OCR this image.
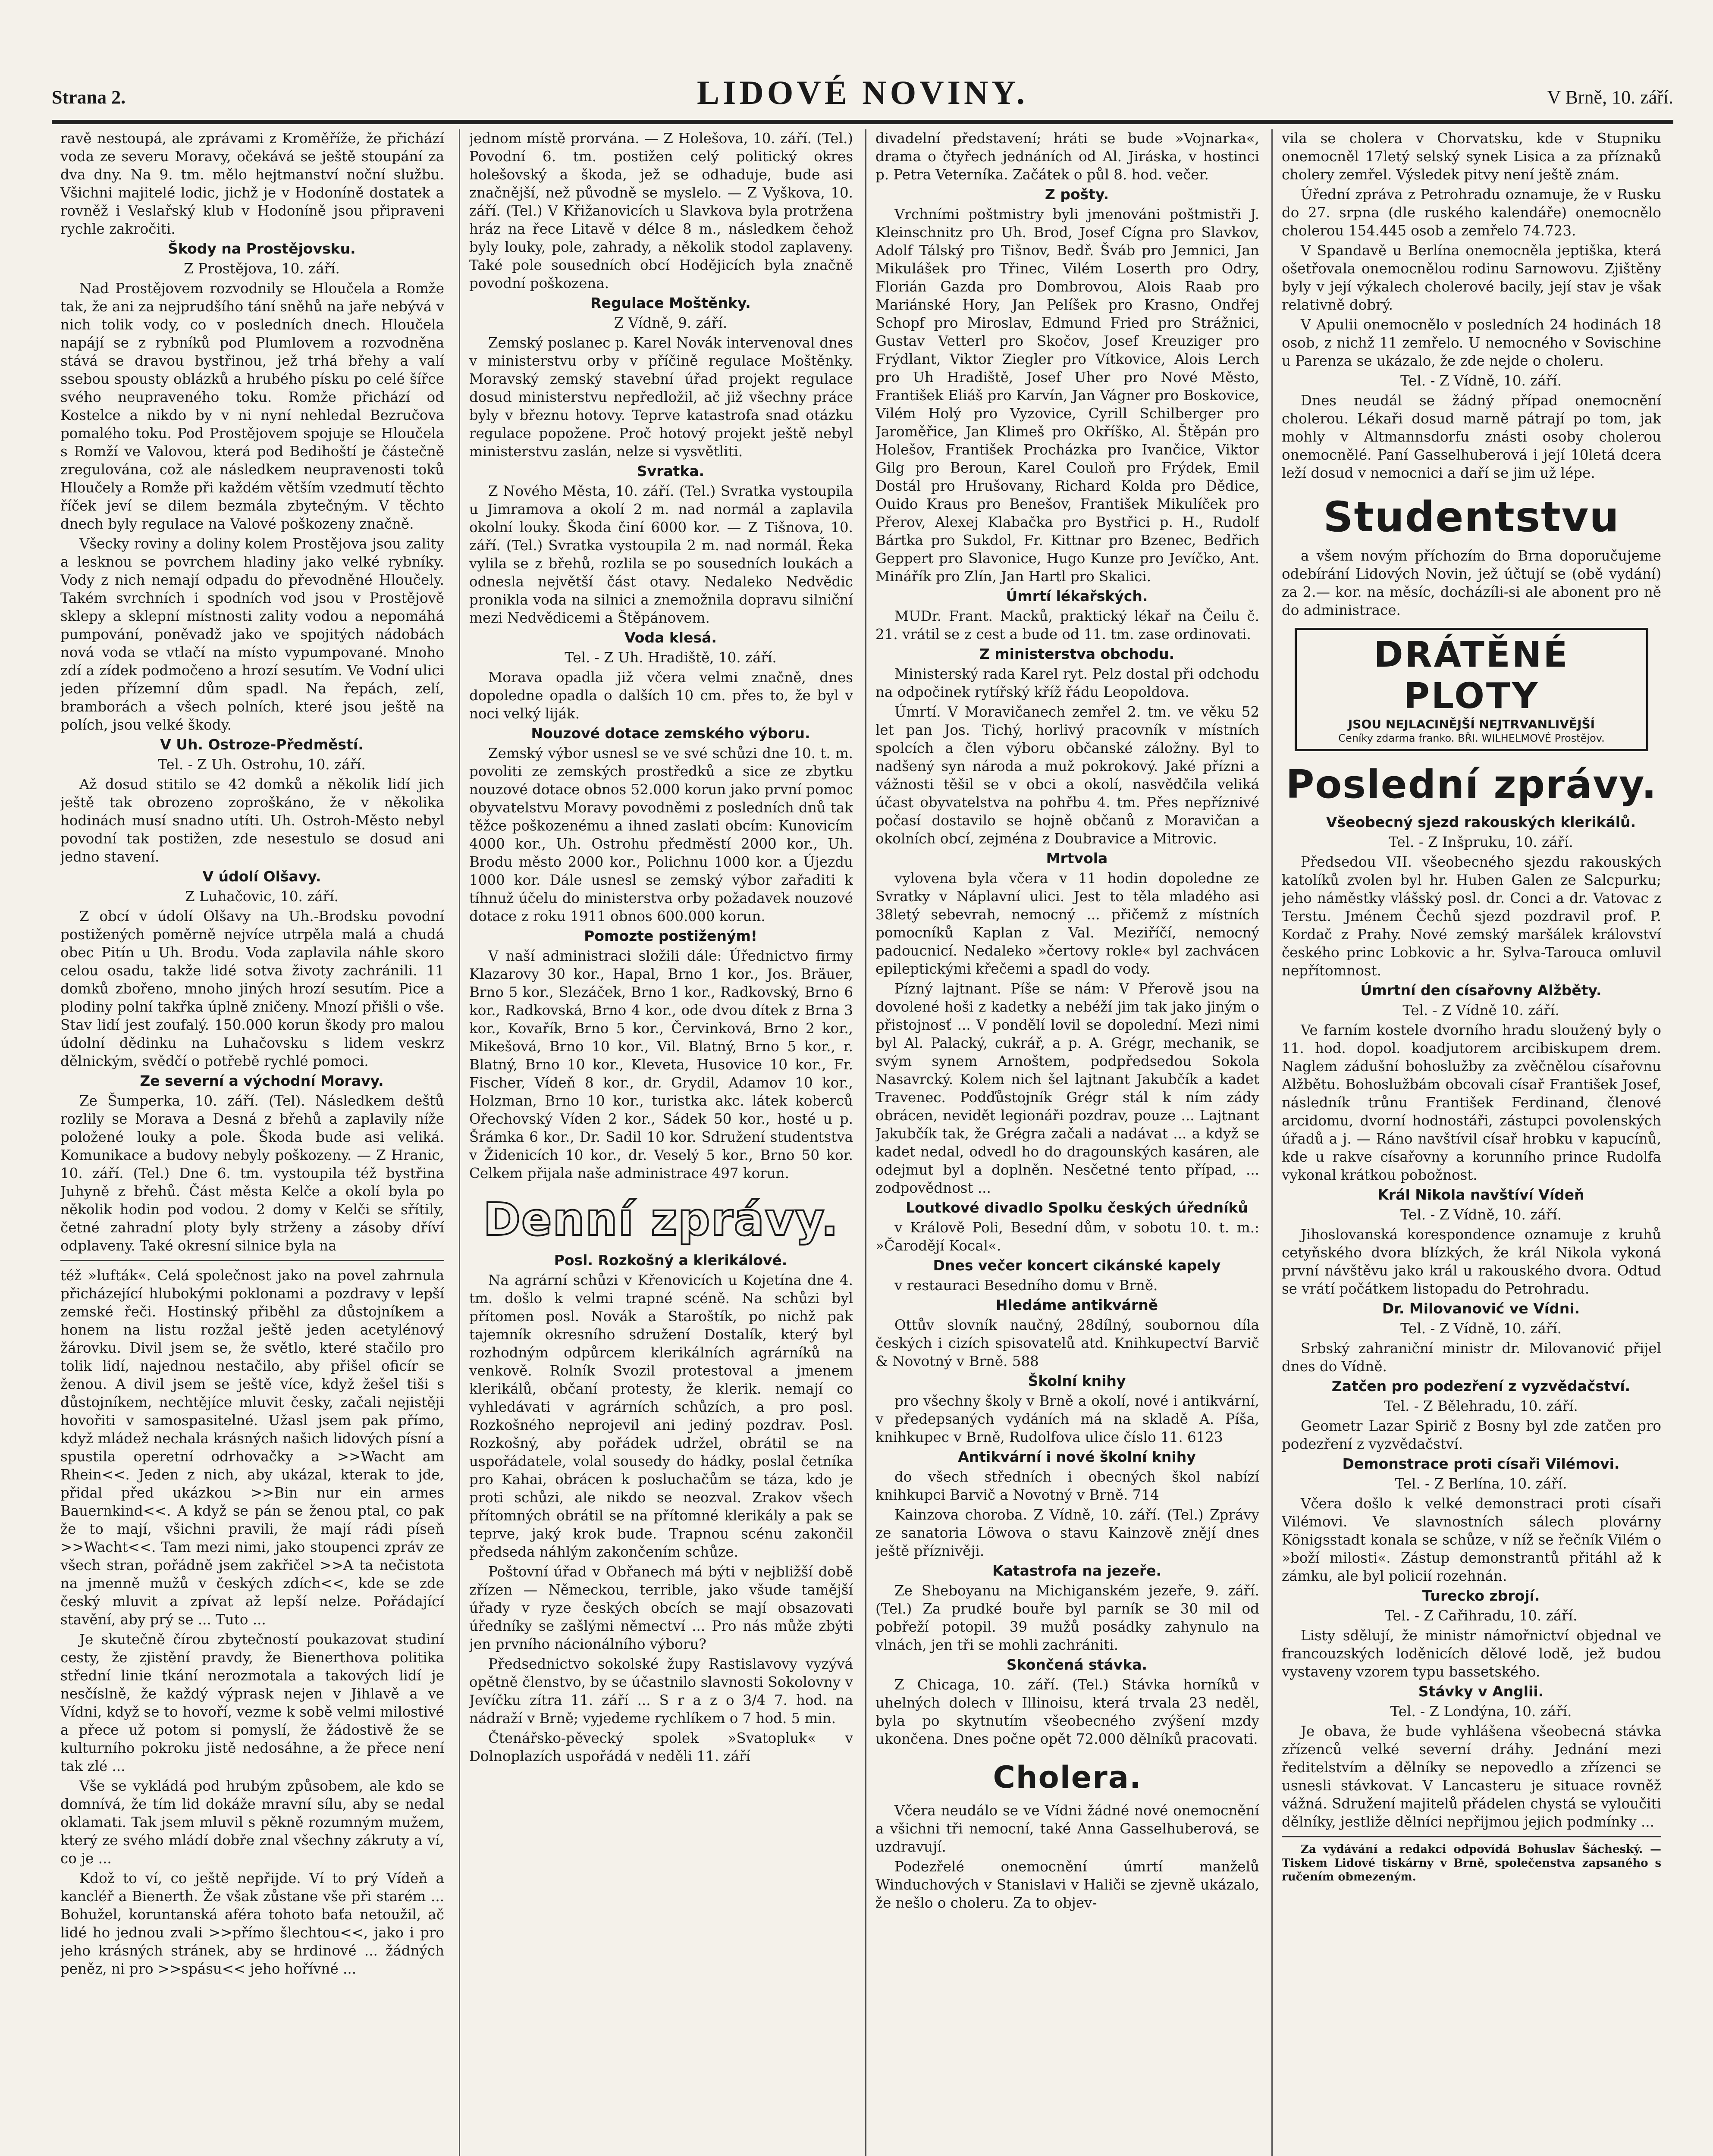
Strana 2.	LIDOVÉ NOVINY.	V Brně, 10. září.

ravě nestoupá, ale zprávami z Kroměříže, že přichází voda ze severu Moravy, očekává se ještě stoupání za dva dny. Na 9. tm. mělo hejtmanství noční službu. Všichni majitelé lodic, jichž je v Hodoníně dostatek a rovněž i Veslařský klub v Hodoníně jsou připraveni rychle zakročiti.

Škody na Prostějovsku.

Z Prostějova, 10. září.

Nad Prostějovem rozvodnily se Hloučela a Romže tak, že ani za nejprudšího tání sněhů na jaře nebývá v nich tolik vody, co v posledních dnech. Hloučela napájí se z rybníků pod Plumlovem a rozvodněna stává se dravou bystřinou, jež trhá břehy a valí ssebou spousty oblázků a hrubého písku po celé šířce svého neupraveného toku. Romže přichází od Kostelce a nikdo by v ni nyní nehledal Bezručova pomalého toku. Pod Prostějovem spojuje se Hloučela s Romží ve Valovou, která pod Bedihoští je částečně zregulována, což ale následkem neupravenosti toků Hloučely a Romže při každém větším vzedmutí těchto říček jeví se dilem bezmála zbytečným. V těchto dnech byly regulace na Valové poškozeny značně.

Všecky roviny a doliny kolem Prostějova jsou zality a lesknou se povrchem hladiny jako velké rybníky. Vody z nich nemají odpadu do převodněné Hloučely. Takém svrchních i spodních vod jsou v Prostějově sklepy a sklepní místnosti zality vodou a nepomáhá pumpování, poněvadž jako ve spojitých nádobách nová voda se vtlačí na místo vypumpované. Mnoho zdí a zídek podmočeno a hrozí sesutím. Ve Vodní ulici jeden přízemní dům spadl. Na řepách, zelí, bramborách a všech polních, které jsou ještě na polích, jsou velké škody.

V Uh. Ostroze-Předměstí.

Tel. - Z Uh. Ostrohu, 10. září.

Až dosud stitilo se 42 domků a několik lidí jich ještě tak obrozeno zoproškáno, že v několika hodinách musí snadno utíti. Uh. Ostroh-Město nebyl povodní tak postižen, zde nesestulo se dosud ani jedno stavení.

V údolí Olšavy.

Z Luhačovic, 10. září.

Z obcí v údolí Olšavy na Uh.-Brodsku povodní postižených poměrně nejvíce utrpěla malá a chudá obec Pitín u Uh. Brodu. Voda zaplavila náhle skoro celou osadu, takže lidé sotva životy zachránili. 11 domků zbořeno, mnoho jiných hrozí sesutím. Pice a plodiny polní takřka úplně zničeny. Mnozí přišli o vše. Stav lidí jest zoufalý. 150.000 korun škody pro malou údolní dědinku na Luhačovsku s lidem veskrz dělnickým, svědčí o potřebě rychlé pomoci.

Ze severní a východní Moravy.

Ze Šumperka, 10. září. (Tel). Následkem deštů rozlily se Morava a Desná z břehů a zaplavily níže položené louky a pole. Škoda bude asi veliká. Komunikace a budovy nebyly poškozeny. — Z Hranic, 10. září. (Tel.) Dne 6. tm. vystoupila též bystřina Juhyně z břehů. Část města Kelče a okolí byla po několik hodin pod vodou. 2 domy v Kelči se sřítily, četné zahradní ploty byly strženy a zásoby dříví odplaveny. Také okresní silnice byla na

též »lufták«. Celá společnost jako na povel zahrnula přicházející hlubokými poklonami a pozdravy v lepší zemské řeči. Hostinský přiběhl za důstojníkem a honem na listu rozžal ještě jeden acetylénový žárovku. Divil jsem se, že světlo, které stačilo pro tolik lidí, najednou nestačilo, aby přišel oficír se ženou. A divil jsem se ještě více, když žešel tiši s důstojníkem, nechtějíce mluvit česky, začali nejistěji hovořiti v samospasitelné. Užasl jsem pak přímo, když mládež nechala krásných našich lidových písní a spustila operetní odrhovačky a >>Wacht am Rhein<<. Jeden z nich, aby ukázal, kterak to jde, přidal před ukázkou >>Bin nur ein armes Bauernkind<<. A když se pán se ženou ptal, co pak že to mají, všichni pravili, že mají rádi píseň >>Wacht<<. Tam mezi nimi, jako stoupenci zpráv ze všech stran, pořádně jsem zakřičel >>A ta nečistota na jmenně mužů v českých zdích<<, kde se zde český mluvit a zpívat až lepší nelze. Pořádající stavění, aby prý se ... Tuto ...

Je skutečně čírou zbytečností poukazovat studiní cesty, že zjistění pravdy, že Bienerthova politika střední linie tkání nerozmotala a takových lidí je nesčíslně, že každý výprask nejen v Jihlavě a ve Vídni, když se to hovoří, vezme k sobě velmi milostivé a přece už potom si pomyslí, že žádostivě že se kulturního pokroku jistě nedosáhne, a že přece není tak zlé ...

Vše se vykládá pod hrubým způsobem, ale kdo se domnívá, že tím lid dokáže mravní sílu, aby se nedal oklamati. Tak jsem mluvil s pěkně rozumným mužem, který ze svého mládí dobře znal všechny zákruty a ví, co je ...

Kdož to ví, co ještě nepřijde. Ví to prý Vídeň a kancléř a Bienerth. Že však zůstane vše při starém ... Bohužel, koruntanská aféra tohoto baťa netoužil, ač lidé ho jednou zvali >>přímo šlechtou<<, jako i pro jeho krásných stránek, aby se hrdinové ... žádných peněz, ni pro >>spásu<< jeho hořívné ...

jednom místě prorvána. — Z Holešova, 10. září. (Tel.) Povodní 6. tm. postižen celý politický okres holešovský a škoda, jež se odhaduje, bude asi značnější, než původně se myslelo. — Z Vyškova, 10. září. (Tel.) V Křižanovicích u Slavkova byla protržena hráz na řece Litavě v délce 8 m., následkem čehož byly louky, pole, zahrady, a několik stodol zaplaveny. Také pole sousedních obcí Hodějicích byla značně povodní poškozena.

Regulace Moštěnky.

Z Vídně, 9. září.

Zemský poslanec p. Karel Novák intervenoval dnes v ministerstvu orby v příčině regulace Moštěnky. Moravský zemský stavební úřad projekt regulace dosud ministerstvu nepředložil, ač již všechny práce byly v březnu hotovy. Teprve katastrofa snad otázku regulace popožene. Proč hotový projekt ještě nebyl ministerstvu zaslán, nelze si vysvětliti.

Svratka.

Z Nového Města, 10. září. (Tel.) Svratka vystoupila u Jimramova a okolí 2 m. nad normál a zaplavila okolní louky. Škoda činí 6000 kor. — Z Tišnova, 10. září. (Tel.) Svratka vystoupila 2 m. nad normál. Řeka vylila se z břehů, rozlila se po sousedních loukách a odnesla největší část otavy. Nedaleko Nedvědic pronikla voda na silnici a znemožnila dopravu silniční mezi Nedvědicemi a Štěpánovem.

Voda klesá.

Tel. - Z Uh. Hradiště, 10. září.

Morava opadla již včera velmi značně, dnes dopoledne opadla o dalších 10 cm. přes to, že byl v noci velký liják.

Nouzové dotace zemského výboru.

Zemský výbor usnesl se ve své schůzi dne 10. t. m. povoliti ze zemských prostředků a sice ze zbytku nouzové dotace obnos 52.000 korun jako první pomoc obyvatelstvu Moravy povodněmi z posledních dnů tak těžce poškozenému a ihned zaslati obcím: Kunovicím 4000 kor., Uh. Ostrohu předměstí 2000 kor., Uh. Brodu město 2000 kor., Polichnu 1000 kor. a Újezdu 1000 kor. Dále usnesl se zemský výbor zařaditi k tíhnuž účelu do ministerstva orby požadavek nouzové dotace z roku 1911 obnos 600.000 korun.

Pomozte postiženým!

V naší administraci složili dále: Úřednictvo firmy Klazarovy 30 kor., Hapal, Brno 1 kor., Jos. Bräuer, Brno 5 kor., Slezáček, Brno 1 kor., Radkovský, Brno 6 kor., Radkovská, Brno 4 kor., ode dvou dítek z Brna 3 kor., Kovařík, Brno 5 kor., Červinková, Brno 2 kor., Mikešová, Brno 10 kor., Vil. Blatný, Brno 5 kor., r. Blatný, Brno 10 kor., Kleveta, Husovice 10 kor., Fr. Fischer, Vídeň 8 kor., dr. Grydil, Adamov 10 kor., Holzman, Brno 10 kor., turistka akc. látek koberců Ořechovský Víden 2 kor., Sádek 50 kor., hosté u p. Šrámka 6 kor., Dr. Sadil 10 kor. Sdružení studentstva v Židenicích 10 kor., dr. Veselý 5 kor., Brno 50 kor. Celkem přijala naše administrace 497 korun.

Denní zprávy.

Posl. Rozkošný a klerikálové.

Na agrární schůzi v Křenovicích u Kojetína dne 4. tm. došlo k velmi trapné scéně. Na schůzi byl přítomen posl. Novák a Staroštík, po nichž pak tajemník okresního sdružení Dostalík, který byl rozhodným odpůrcem klerikálních agrárníků na venkově. Rolník Svozil protestoval a jmenem klerikálů, občaní protesty, že klerik. nemají co vyhledávati v agrárních schůzích, a pro posl. Rozkošného neprojevil ani jediný pozdrav. Posl. Rozkošný, aby pořádek udržel, obrátil se na uspořádatele, volal sousedy do hádky, poslal četníka pro Kahai, obrácen k posluchačům se táza, kdo je proti schůzi, ale nikdo se neozval. Zrakov všech přítomných obrátil se na přítomné klerikály a pak se teprve, jaký krok bude. Trapnou scénu zakončil předseda náhlým zakončením schůze.

Poštovní úřad v Obřanech má býti v nejbližší době zřízen — Německou, terrible, jako všude tamější úřady v ryze českých obcích se mají obsazovati úředníky se zašlými němectví ... Pro nás může zbýti jen prvního nácionálního výboru?

Předsednictvo sokolské župy Rastislavovy vyzývá opětně členstvo, by se účastnilo slavnosti Sokolovny v Jevíčku zítra 11. září ... S r a z o 3/4 7. hod. na nádraží v Brně; vyjedeme rychlíkem o 7 hod. 5 min.

Čtenářsko-pěvecký spolek »Svatopluk« v Dolnoplazích uspořádá v neděli 11. září

divadelní představení; hráti se bude »Vojnarka«, drama o čtyřech jednáních od Al. Jiráska, v hostinci p. Petra Veterníka. Začátek o půl 8. hod. večer.

Z pošty.

Vrchními poštmistry byli jmenováni poštmistři J. Kleinschnitz pro Uh. Brod, Josef Cígna pro Slavkov, Adolf Tálský pro Tišnov, Bedř. Šváb pro Jemnici, Jan Mikulášek pro Třinec, Vilém Loserth pro Odry, Florián Gazda pro Dombrovou, Alois Raab pro Mariánské Hory, Jan Pelíšek pro Krasno, Ondřej Schopf pro Miroslav, Edmund Fried pro Strážnici, Gustav Vetterl pro Skočov, Josef Kreuziger pro Frýdlant, Viktor Ziegler pro Vítkovice, Alois Lerch pro Uh Hradiště, Josef Uher pro Nové Město, František Eliáš pro Karvín, Jan Vágner pro Boskovice, Vilém Holý pro Vyzovice, Cyrill Schilberger pro Jaroměřice, Jan Klimeš pro Okříško, Al. Štěpán pro Holešov, František Procházka pro Ivančice, Viktor Gilg pro Beroun, Karel Couloň pro Frýdek, Emil Dostál pro Hrušovany, Richard Kolda pro Dědice, Ouido Kraus pro Benešov, František Mikulíček pro Přerov, Alexej Klabačka pro Bystřici p. H., Rudolf Bártka pro Sukdol, Fr. Kittnar pro Bzenec, Bedřich Geppert pro Slavonice, Hugo Kunze pro Jevíčko, Ant. Minářík pro Zlín, Jan Hartl pro Skalici.

Úmrtí lékařských.

MUDr. Frant. Macků, praktický lékař na Čeilu č. 21. vrátil se z cest a bude od 11. tm. zase ordinovati.

Z ministerstva obchodu.

Ministerský rada Karel ryt. Pelz dostal při odchodu na odpočinek rytířský kříž řádu Leopoldova.

Úmrtí. V Moravičanech zemřel 2. tm. ve věku 52 let pan Jos. Tichý, horlivý pracovník v místních spolcích a člen výboru občanské záložny. Byl to nadšený syn národa a muž pokrokový. Jaké přízni a vážnosti těšil se v obci a okolí, nasvědčila veliká účast obyvatelstva na pohřbu 4. tm. Přes nepříznivé počasí dostavilo se hojně občanů z Moravičan a okolních obcí, zejména z Doubravice a Mitrovic.

Mrtvola

vylovena byla včera v 11 hodin dopoledne ze Svratky v Náplavní ulici. Jest to těla mladého asi 38letý sebevrah, nemocný ... přičemž z místních pomocníků Kaplan z Val. Meziříčí, nemocný padoucnicí. Nedaleko »čertovy rokle« byl zachvácen epileptickými křečemi a spadl do vody.

Pízný lajtnant. Píše se nám: V Přerově jsou na dovolené hoši z kadetky a nebéží jim tak jako jiným o přistojnosť ... V pondělí lovil se dopolední. Mezi nimi byl Al. Palacký, cukrář, a p. A. Grégr, mechanik, se svým synem Arnoštem, podpředsedou Sokola Nasavrcký. Kolem nich šel lajtnant Jakubčík a kadet Travenec. Podďůstojník Grégr stál k ním zády obrácen, nevidět legionáři pozdrav, pouze ... Lajtnant Jakubčík tak, že Grégra začali a nadávat ... a když se kadet nedal, odvedl ho do dragounských kasáren, ale odejmut byl a doplněn. Nesčetné tento případ, ... zodpovědnost ...

Loutkové divadlo Spolku českých úředníků

v Králově Poli, Besední dům, v sobotu 10. t. m.: »Čarodějí Kocal«.

Dnes večer koncert cikánské kapely

v restauraci Besedního domu v Brně.

Hledáme antikvárně

Ottův slovník naučný, 28dílný, soubornou díla českých i cizích spisovatelů atd. Knihkupectví Barvič & Novotný v Brně. 588

Školní knihy

pro všechny školy v Brně a okolí, nové i antikvární, v předepsaných vydáních má na skladě A. Píša, knihkupec v Brně, Rudolfova ulice číslo 11. 6123

Antikvární i nové školní knihy

do všech středních i obecných škol nabízí knihkupci Barvič a Novotný v Brně. 714

Kainzova choroba. Z Vídně, 10. září. (Tel.) Zprávy ze sanatoria Löwova o stavu Kainzově znějí dnes ještě příznivěji.

Katastrofa na jezeře.

Ze Sheboyanu na Michiganském jezeře, 9. září. (Tel.) Za prudké bouře byl parník se 30 mil od pobřeží potopil. 39 mužů posádky zahynulo na vlnách, jen tři se mohli zachrániti.

Skončená stávka.

Z Chicaga, 10. září. (Tel.) Stávka horníků v uhelných dolech v Illinoisu, která trvala 23 neděl, byla po skytnutím všeobecného zvýšení mzdy ukončena. Dnes počne opět 72.000 dělníků pracovati.

Cholera.

Včera neudálo se ve Vídni žádné nové onemocnění a všichni tři nemocní, také Anna Gasselhuberová, se uzdravují.

Podezřelé onemocnění úmrtí manželů Winduchových v Stanislavi v Haliči se zjevně ukázalo, že nešlo o choleru. Za to objev-

vila se cholera v Chorvatsku, kde v Stupniku onemocněl 17letý selský synek Lisica a za příznaků cholery zemřel. Výsledek pitvy není ještě znám.

Úřední zpráva z Petrohradu oznamuje, že v Rusku do 27. srpna (dle ruského kalendáře) onemocnělo cholerou 154.445 osob a zemřelo 74.723.

V Spandavě u Berlína onemocněla jeptiška, která ošetřovala onemocnělou rodinu Sarnowovu. Zjištěny byly v její výkalech cholerové bacily, její stav je však relativně dobrý.

V Apulii onemocnělo v posledních 24 hodinách 18 osob, z nichž 11 zemřelo. U nemocného v Sovischine u Parenza se ukázalo, že zde nejde o choleru.

Tel. - Z Vídně, 10. září.

Dnes neudál se žádný případ onemocnění cholerou. Lékaři dosud marně pátrají po tom, jak mohly v Altmannsdorfu znásti osoby cholerou onemocnělé. Paní Gasselhuberová i její 10letá dcera leží dosud v nemocnici a daří se jim už lépe.

Studentstvu

a všem novým příchozím do Brna doporučujeme odebírání Lidových Novin, jež účtují se (obě vydání) za 2.— kor. na měsíc, docházíli-si ale abonent pro ně do administrace.

DRÁTĚNÉ PLOTY
JSOU NEJLACINĚJŠÍ NEJTRVANLIVĚJŠÍ
Ceníky zdarma franko. BŘI. WILHELMOVÉ Prostějov.
Poslední zprávy.

Všeobecný sjezd rakouských klerikálů.

Tel. - Z Inšpruku, 10. září.

Předsedou VII. všeobecného sjezdu rakouských katolíků zvolen byl hr. Huben Galen ze Salcpurku; jeho náměstky vlášský posl. dr. Conci a dr. Vatovac z Terstu. Jménem Čechů sjezd pozdravil prof. P. Kordač z Prahy. Nové zemský maršálek království českého princ Lobkovic a hr. Sylva-Tarouca omluvil nepřítomnost.

Úmrtní den císařovny Alžběty.

Tel. - Z Vídně 10. září.

Ve farním kostele dvorního hradu sloužený byly o 11. hod. dopol. koadjutorem arcibiskupem drem. Naglem zádušní bohoslužby za zvěčnělou císařovnu Alžbětu. Bohoslužbám obcovali císař František Josef, následník trůnu František Ferdinand, členové arcidomu, dvorní hodnostáři, zástupci povolenských úřadů a j. — Ráno navštívil císař hrobku v kapucínů, kde u rakve císařovny a korunního prince Rudolfa vykonal krátkou pobožnost.

Král Nikola navštíví Vídeň

Tel. - Z Vídně, 10. září.

Jihoslovanská korespondence oznamuje z kruhů cetyňského dvora blízkých, že král Nikola vykoná první návštěvu jako král u rakouského dvora. Odtud se vrátí počátkem listopadu do Petrohradu.

Dr. Milovanović ve Vídni.

Tel. - Z Vídně, 10. září.

Srbský zahraniční ministr dr. Milovanović přijel dnes do Vídně.

Zatčen pro podezření z vyzvědačství.

Tel. - Z Bělehradu, 10. září.

Geometr Lazar Spirič z Bosny byl zde zatčen pro podezření z vyzvědačství.

Demonstrace proti císaři Vilémovi.

Tel. - Z Berlína, 10. září.

Včera došlo k velké demonstraci proti císaři Vilémovi. Ve slavnostních sálech plovárny Königsstadt konala se schůze, v níž se řečník Vilém o »boží milosti«. Zástup demonstrantů přitáhl až k zámku, ale byl policií rozehnán.

Turecko zbrojí.

Tel. - Z Cařihradu, 10. září.

Listy sdělují, že ministr námořnictví objednal ve francouzských loděnicích dělové lodě, jež budou vystaveny vzorem typu bassetského.

Stávky v Anglii.

Tel. - Z Londýna, 10. září.

Je obava, že bude vyhlášena všeobecná stávka zřízenců velké severní dráhy. Jednání mezi ředitelstvím a dělníky se nepovedlo a zřízenci se usnesli stávkovat. V Lancasteru je situace rovněž vážná. Sdružení majitelů přádelen chystá se vyloučiti dělníky, jestliže dělníci nepřijmou jejich podmínky ...

Za vydávání a redakci odpovídá Bohuslav Šácheský. — Tiskem Lidové tiskárny v Brně, společenstva zapsaného s ručením obmezeným.
